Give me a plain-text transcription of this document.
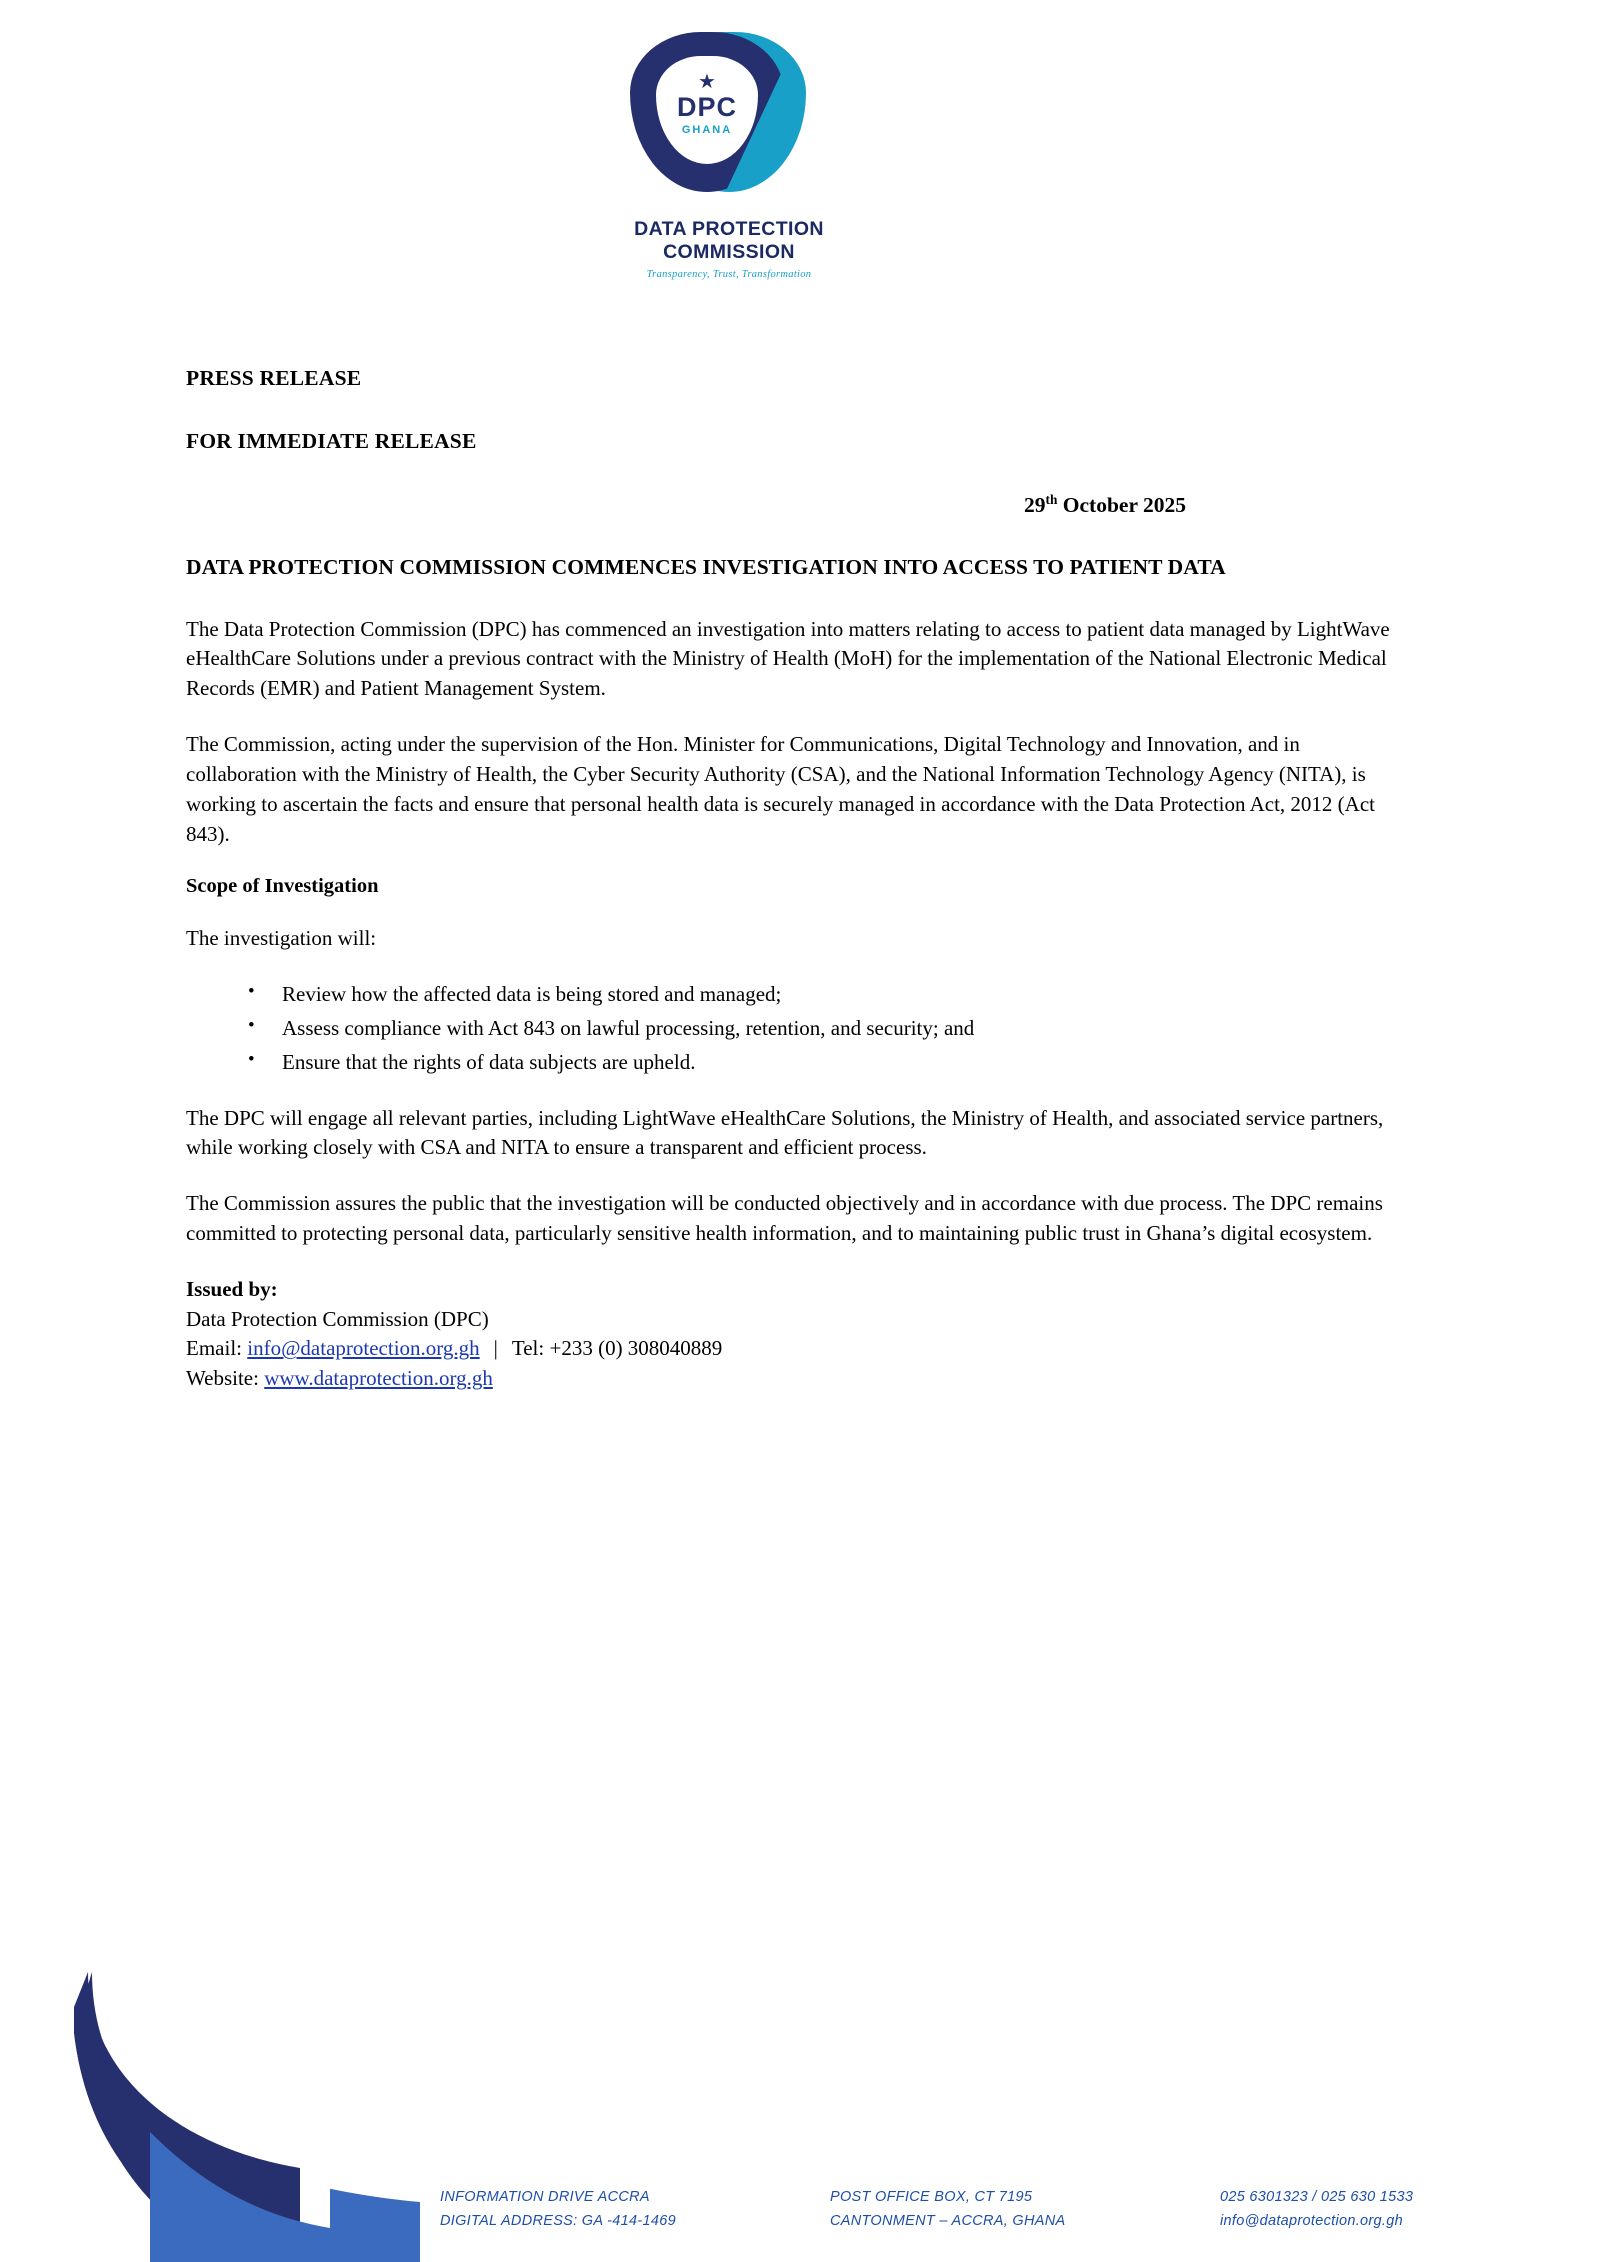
★
DPC
GHANA
DATA PROTECTION
COMMISSION
Transparency, Trust, Transformation
PRESS RELEASE
FOR IMMEDIATE RELEASE
29th October 2025
DATA PROTECTION COMMISSION COMMENCES INVESTIGATION INTO ACCESS TO PATIENT DATA

The Data Protection Commission (DPC) has commenced an investigation into matters relating to access to patient data managed by LightWave eHealthCare Solutions under a previous contract with the Ministry of Health (MoH) for the implementation of the National Electronic Medical Records (EMR) and Patient Management System.

The Commission, acting under the supervision of the Hon. Minister for Communications, Digital Technology and Innovation, and in collaboration with the Ministry of Health, the Cyber Security Authority (CSA), and the National Information Technology Agency (NITA), is working to ascertain the facts and ensure that personal health data is securely managed in accordance with the Data Protection Act, 2012 (Act 843).

Scope of Investigation

The investigation will:

• Review how the affected data is being stored and managed;
• Assess compliance with Act 843 on lawful processing, retention, and security; and
• Ensure that the rights of data subjects are upheld.

The DPC will engage all relevant parties, including LightWave eHealthCare Solutions, the Ministry of Health, and associated service partners, while working closely with CSA and NITA to ensure a transparent and efficient process.

The Commission assures the public that the investigation will be conducted objectively and in accordance with due process. The DPC remains committed to protecting personal data, particularly sensitive health information, and to maintaining public trust in Ghana’s digital ecosystem.

Issued by:
Data Protection Commission (DPC)
Email: info@dataprotection.org.gh | Tel: +233 (0) 308040889
Website: www.dataprotection.org.gh
INFORMATION DRIVE ACCRA
DIGITAL ADDRESS: GA -414-1469
POST OFFICE BOX, CT 7195
CANTONMENT – ACCRA, GHANA
025 6301323 / 025 630 1533
info@dataprotection.org.gh
